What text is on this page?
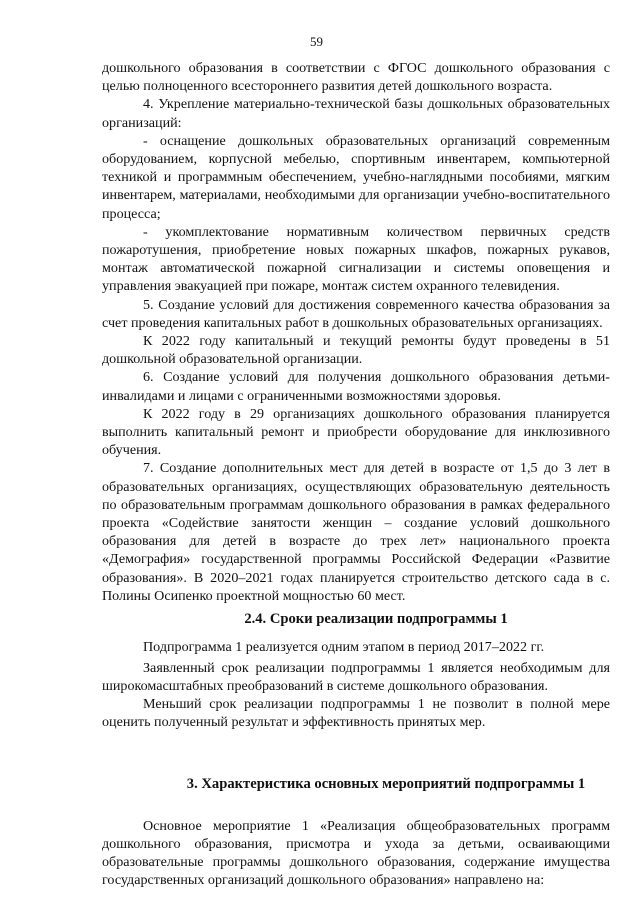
59

дошкольного образования в соответствии с ФГОС дошкольного образования с целью полноценного всестороннего развития детей дошкольного возраста.

4. Укрепление материально-технической базы дошкольных образовательных организаций:

- оснащение дошкольных образовательных организаций современным оборудованием, корпусной мебелью, спортивным инвентарем, компьютерной техникой и программным обеспечением, учебно-наглядными пособиями, мягким инвентарем, материалами, необходимыми для организации учебно-воспитательного процесса;

- укомплектование нормативным количеством первичных средств пожаротушения, приобретение новых пожарных шкафов, пожарных рукавов, монтаж автоматической пожарной сигнализации и системы оповещения и управления эвакуацией при пожаре, монтаж систем охранного телевидения.

5. Создание условий для достижения современного качества образования за счет проведения капитальных работ в дошкольных образовательных организациях.

К 2022 году капитальный и текущий ремонты будут проведены в 51 дошкольной образовательной организации.

6. Создание условий для получения дошкольного образования детьми-инвалидами и лицами с ограниченными возможностями здоровья.

К 2022 году в 29 организациях дошкольного образования планируется выполнить капитальный ремонт и приобрести оборудование для инклюзивного обучения.

7. Создание дополнительных мест для детей в возрасте от 1,5 до 3 лет в образовательных организациях, осуществляющих образовательную деятельность по образовательным программам дошкольного образования в рамках федерального проекта «Содействие занятости женщин – создание условий дошкольного образования для детей в возрасте до трех лет» национального проекта «Демография» государственной программы Российской Федерации «Развитие образования». В 2020–2021 годах планируется строительство детского сада в с. Полины Осипенко проектной мощностью 60 мест.

2.4. Сроки реализации подпрограммы 1

Подпрограмма 1 реализуется одним этапом в период 2017–2022 гг.

Заявленный срок реализации подпрограммы 1 является необходимым для широкомасштабных преобразований в системе дошкольного образования.

Меньший срок реализации подпрограммы 1 не позволит в полной мере оценить полученный результат и эффективность принятых мер.

3. Характеристика основных мероприятий подпрограммы 1

Основное мероприятие 1 «Реализация общеобразовательных программ дошкольного образования, присмотра и ухода за детьми, осваивающими образовательные программы дошкольного образования, содержание имущества государственных организаций дошкольного образования» направлено на:
